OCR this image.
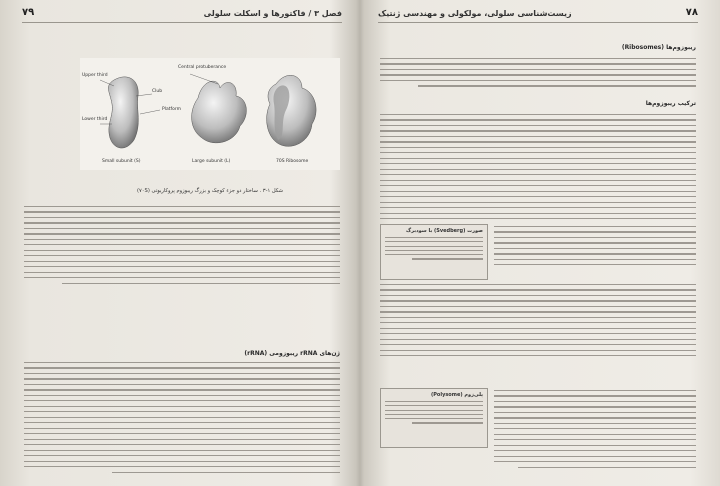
فصل ۳ / فاکتورها و اسکلت سلولی
۷۹
Upper third
Lower third
Club
Platform
Central protuberance
Small subunit (S)	Large subunit (L)	70S Ribosome
شکل ۱-۳ . ساختار دو جزء کوچک و بزرگ ریبوزوم پروکاریوتی (۷۰S)
ژن‌های rRNA ریبوزومی (rRNA)
زیست‌شناسی سلولی، مولکولی و مهندسی ژنتیک	۷۸
ریبوزوم‌ها (Ribosomes)
ترکیب ریبوزوم‌ها
صورت (Svedberg) با سودبرگ
پلی‌زوم (Polysome)
